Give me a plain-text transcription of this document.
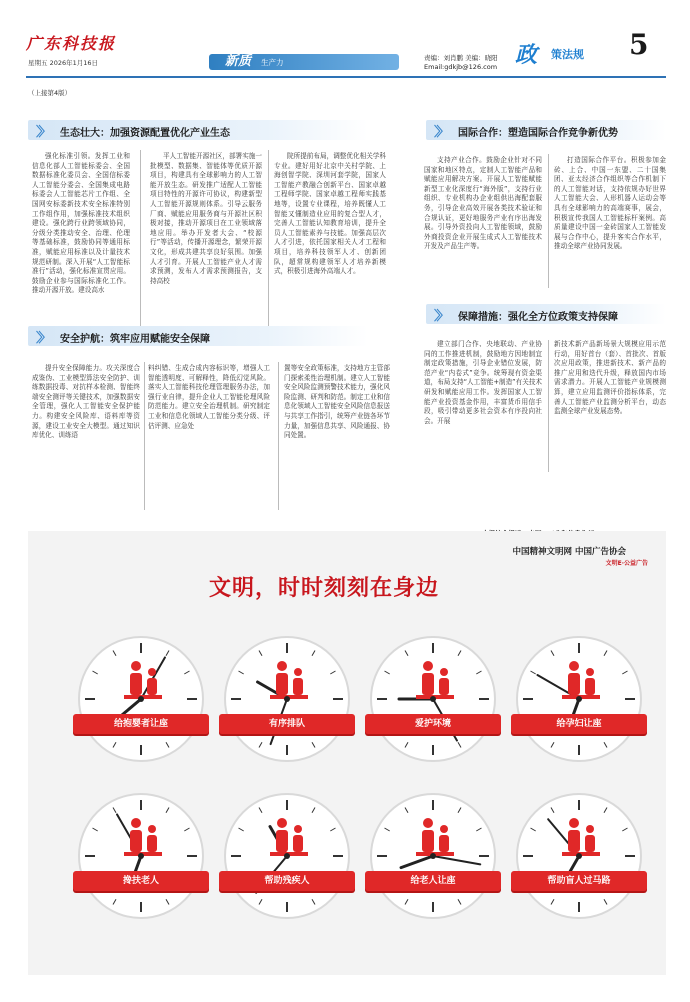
广东科技报
星期五 2026年1月16日	新质 生产力	责编：刘肖鹏 美编：晓阳
Email:gdkjb@126.com 政 策法规 5
（上接第4版）
〉〉 生态壮大：加强资源配置优化产业生态

强化标准引领。发挥工业和信息化部人工智能标委会、全国数据标准化委员会、全国信标委人工智能分委会、全国集成电路标委会人工智能芯片工作组、全国网安标委新技术安全标准特别工作组作用，加强标准技术组织建设。强化跨行业跨领域协同，分级分类推动安全、治理、伦理等基础标准，鼓励协同等通用标准，赋能应用标准以及计量技术规范研制。深入开展“人工智能标准行”活动，强化标准宣贯应用。鼓励企业参与国际标准化工作。推动开源开放。建设高水

平人工智能开源社区，部署实施一批模型、数据集、智能体等优质开源项目，构建具有全球影响力的人工智能开放生态。研发推广适配人工智能项目特性的开源许可协议，构建新型人工智能开源规则体系。引导云服务厂商、赋能应用服务商与开源社区积极对接，推动开源项目在工业领域落地应用。举办开发者大会、“校源行”等活动，传播开源理念，繁荣开源文化，形成共建共享良好氛围。加强人才引育。开展人工智能产业人才需求预测，发布人才需求预测报告，支持高校

院所提前布局，调整优化相关学科专业。建好用好北京中关村学院、上海创智学院、深圳河套学院，国家人工智能产教融合创新平台、国家卓越工程师学院、国家卓越工程师实践基地等，设置专业课程，培养既懂人工智能又懂制造业应用的复合型人才，完善人工智能认知教育培训，提升全员人工智能素养与技能。加强高层次人才引进，依托国家相关人才工程和项目，培养科技领军人才、创新团队，超常规构建领军人才培养新模式，积极引进海外高端人才。

〉〉 安全护航：筑牢应用赋能安全保障

提升安全保障能力。攻关深度合成鉴伪、工业模型算法安全防护、训练数据投毒、对抗样本检测、智能终端安全测评等关键技术，加强数据安全管理，强化人工智能安全保护能力。构建安全风险库、语料库等资源，建设工业安全大模型。通过知识库优化、训练语

料纠错、生成合成内容标识等，增强人工智能透明度、可解释性，降低幻觉风险。落实人工智能科技伦理管理服务办法，加强行业自律，提升企业人工智能伦理风险防范能力。建立安全治理机制。研究制定工业和信息化领域人工智能分类分级、评估评测、应急处

置等安全政策标准，支持地方主管部门探索柔性治理机制。建立人工智能安全风险监测预警技术能力，强化风险监测、研判和防范。制定工业和信息化领域人工智能安全风险信息报送与共享工作指引，统筹产业链各环节力量，加强信息共享、风险通报、协同处置。

〉〉 国际合作：塑造国际合作竞争新优势

支持产业合作。鼓励企业针对不同国家和地区特点，定制人工智能产品和赋能应用解决方案。开展人工智能赋能新型工业化深度行“海外版”，支持行业组织、专业机构办企业组供出海配套服务，引导企业高效开展各类技术验证和合规认证，更好地服务产业有序出海发展。引导外资投向人工智能领域，鼓励外商投资企业开展生成式人工智能技术开发及产品生产等。

打造国际合作平台。积极参加金砖、上合、中国一东盟、二十国集团、亚太经济合作组织等合作机制下的人工智能对话，支持依规办好世界人工智能大会、人形机器人运动会等具有全球影响力的高端赛事，展会，积极宣传我国人工智能标杆案例。高质量建设中国一金砖国家人工智能发展与合作中心，提升客实合作水平，推动全球产业协同发展。

〉〉 保障措施：强化全方位政策支持保障

建立部门合作、央地联动、产业协同的工作推进机制，鼓励地方因地制宜制定政策措施，引导企业错位发展，防范产业“内卷式”竞争。统筹现有资金渠道，布局支持“人工智能+制造”有关技术研发和赋能应用工作。发挥国家人工智能产业投资基金作用，丰富货币用信手段，吸引带动更多社会资本有序投向社会。开展

新技术新产品新场景大规模应用示范行动，用好首台（套）、首批次、首版次应用政策，推进新技术、新产品的推广应用和迭代升级，释放国内市场需求潜力。开展人工智能产业规模测算，建立应用监测评价指标体系，完善人工智能产业监测分析平台，动态监测全球产业发展态势。

中国精神文明网 中国广告协会
文明E·公益广告
文明，时时刻刻在身边
给抱婴者让座	有序排队	爱护环境	给孕妇让座
搀扶老人	帮助残疾人	给老人让座	帮助盲人过马路
